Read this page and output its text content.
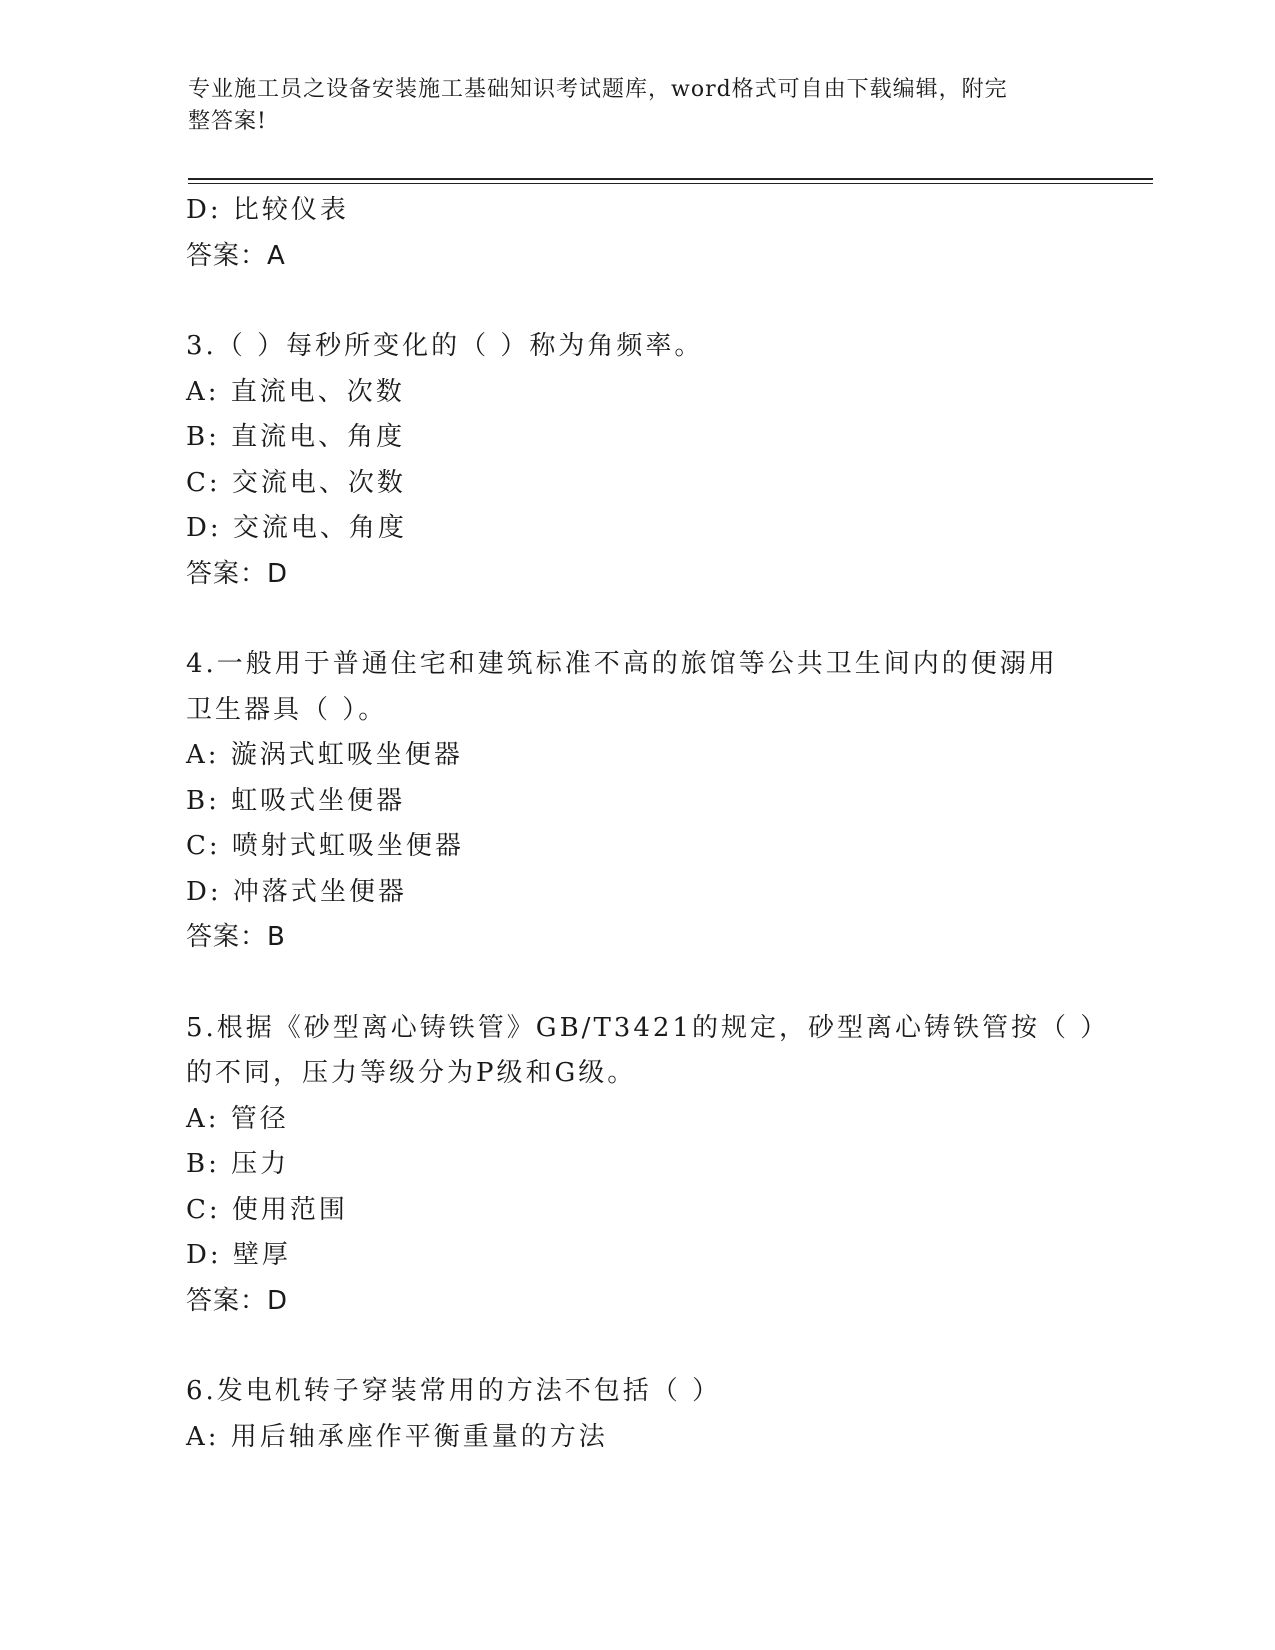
专业施工员之设备安装施工基础知识考试题库，word格式可自由下载编辑，附完
整答案!
D: 比较仪表
答案：A
3.（ ）每秒所变化的（ ）称为角频率。
A: 直流电、次数
B: 直流电、角度
C: 交流电、次数
D: 交流电、角度
答案：D
4.一般用于普通住宅和建筑标准不高的旅馆等公共卫生间内的便溺用
卫生器具（ ）。
A: 漩涡式虹吸坐便器
B: 虹吸式坐便器
C: 喷射式虹吸坐便器
D: 冲落式坐便器
答案：B
5.根据《砂型离心铸铁管》GB/T3421的规定，砂型离心铸铁管按（ ）
的不同，压力等级分为P级和G级。
A: 管径
B: 压力
C: 使用范围
D: 壁厚
答案：D
6.发电机转子穿装常用的方法不包括（ ）
A: 用后轴承座作平衡重量的方法
